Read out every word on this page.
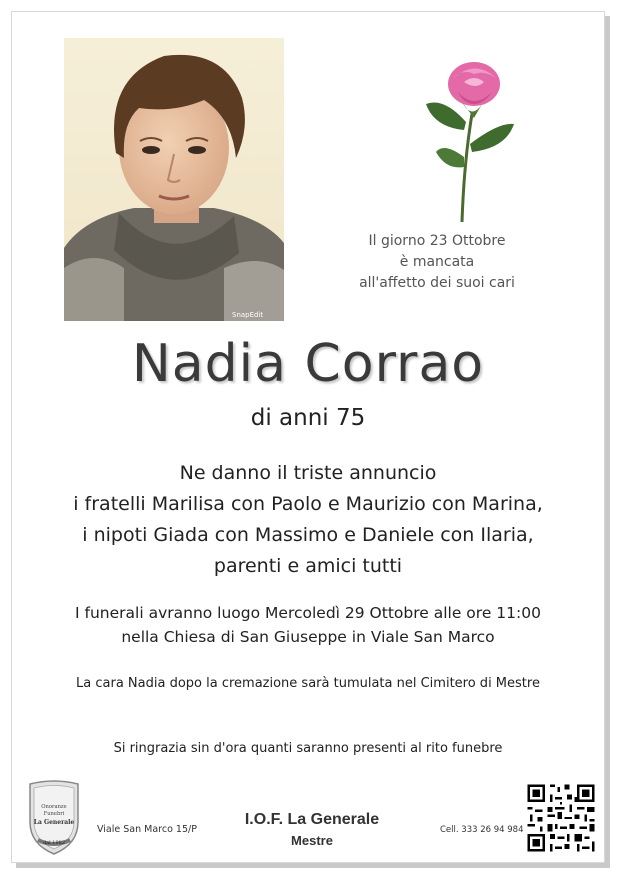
SnapEdit
Il giorno 23 Ottobre
è mancata
all'affetto dei suoi cari
Nadia Corrao
di anni 75
Ne danno il triste annuncio
i fratelli Marilisa con Paolo e Maurizio con Marina,
i nipoti Giada con Massimo e Daniele con Ilaria,
parenti e amici tutti
I funerali avranno luogo Mercoledì 29 Ottobre alle ore 11:00
nella Chiesa di San Giuseppe in Viale San Marco
La cara Nadia dopo la cremazione sarà tumulata nel Cimitero di Mestre
Si ringrazia sin d'ora quanti saranno presenti al rito funebre
Onoranze
Funebri
La Generale
dal 1982
Viale San Marco 15/P
I.O.F. La Generale
Mestre
Cell. 333 26 94 984
